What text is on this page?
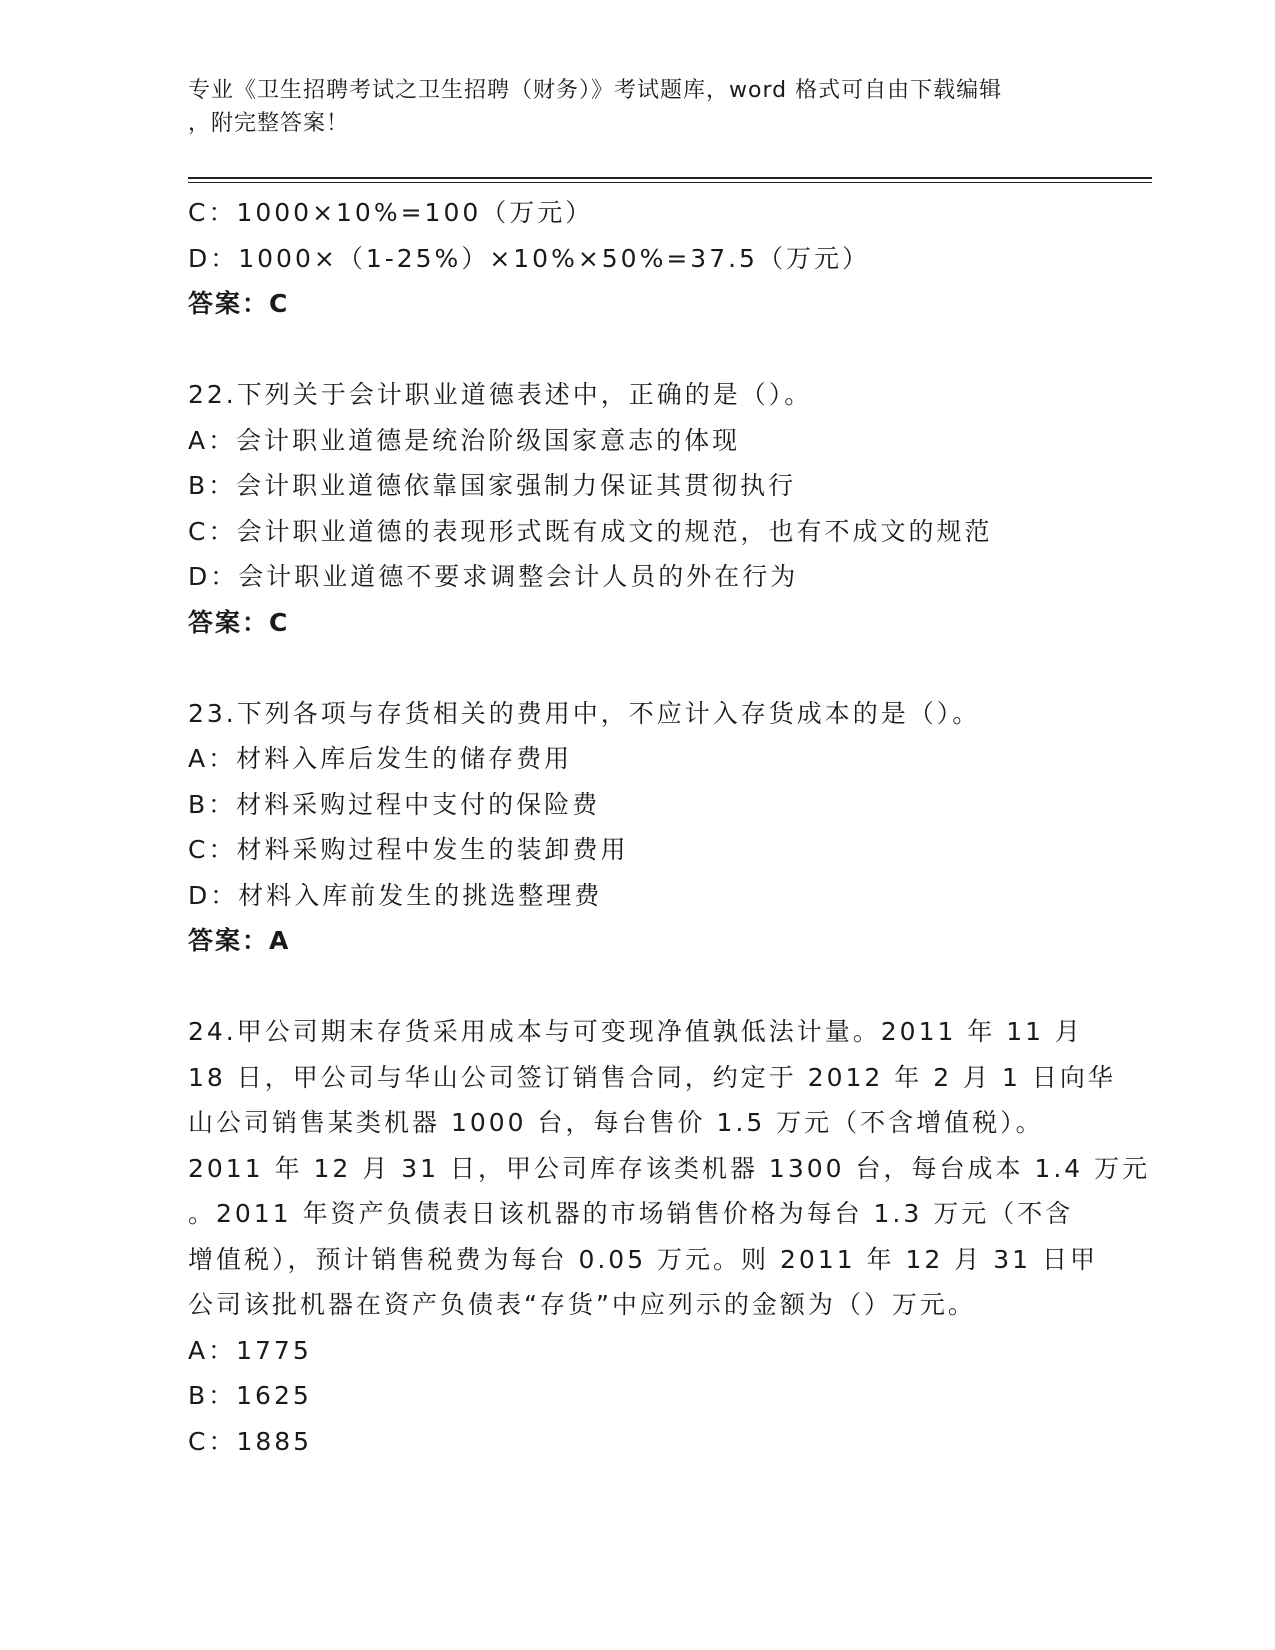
专业《卫生招聘考试之卫生招聘（财务）》考试题库，word 格式可自由下载编辑
，附完整答案！
C：1000×10%=100（万元）
D：1000×（1-25%）×10%×50%=37.5（万元）
答案：C
22.下列关于会计职业道德表述中，正确的是（）。
A：会计职业道德是统治阶级国家意志的体现
B：会计职业道德依靠国家强制力保证其贯彻执行
C：会计职业道德的表现形式既有成文的规范，也有不成文的规范
D：会计职业道德不要求调整会计人员的外在行为
答案：C
23.下列各项与存货相关的费用中，不应计入存货成本的是（）。
A：材料入库后发生的储存费用
B：材料采购过程中支付的保险费
C：材料采购过程中发生的装卸费用
D：材料入库前发生的挑选整理费
答案：A
24.甲公司期末存货采用成本与可变现净值孰低法计量。2011 年 11 月
18 日，甲公司与华山公司签订销售合同，约定于 2012 年 2 月 1 日向华
山公司销售某类机器 1000 台，每台售价 1.5 万元（不含增值税）。
2011 年 12 月 31 日，甲公司库存该类机器 1300 台，每台成本 1.4 万元
。2011 年资产负债表日该机器的市场销售价格为每台 1.3 万元（不含
增值税），预计销售税费为每台 0.05 万元。则 2011 年 12 月 31 日甲
公司该批机器在资产负债表“存货”中应列示的金额为（）万元。
A：1775
B：1625
C：1885
